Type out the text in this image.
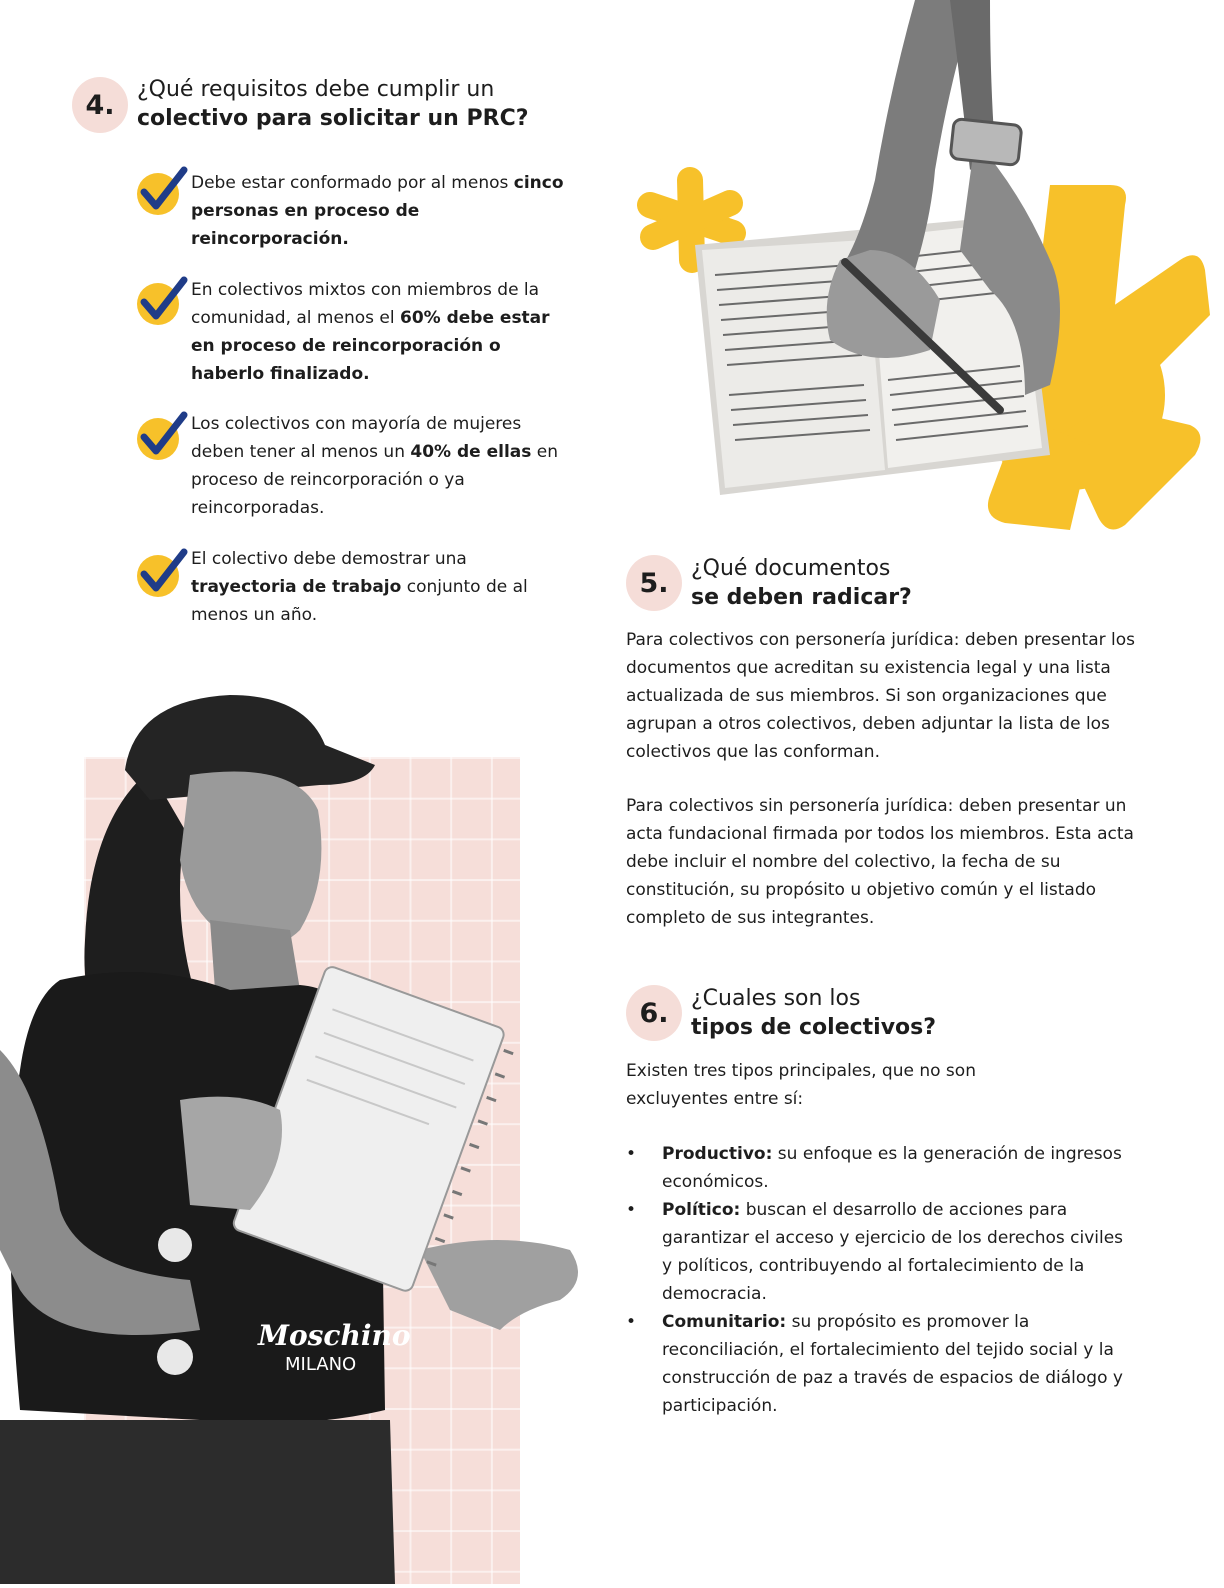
4. ¿Qué requisitos debe cumplir un
colectivo para solicitar un PRC?
Debe estar conformado por al menos cinco personas en proceso de reincorporación.
En colectivos mixtos con miembros de la comunidad, al menos el 60% debe estar en proceso de reincorporación o haberlo finalizado.
Los colectivos con mayoría de mujeres deben tener al menos un 40% de ellas en proceso de reincorporación o ya reincorporadas.
El colectivo debe demostrar una trayectoria de trabajo conjunto de al menos un año.
Moschino
MILANO
5. ¿Qué documentos
se deben radicar?
Para colectivos con personería jurídica: deben presentar los documentos que acreditan su existencia legal y una lista actualizada de sus miembros. Si son organizaciones que agrupan a otros colectivos, deben adjuntar la lista de los colectivos que las conforman.
Para colectivos sin personería jurídica: deben presentar un acta fundacional firmada por todos los miembros. Esta acta debe incluir el nombre del colectivo, la fecha de su constitución, su propósito u objetivo común y el listado completo de sus integrantes.
6. ¿Cuales son los
tipos de colectivos?
Existen tres tipos principales, que no son excluyentes entre sí:
• Productivo: su enfoque es la generación de ingresos económicos.
• Político: buscan el desarrollo de acciones para garantizar el acceso y ejercicio de los derechos civiles y políticos, contribuyendo al fortalecimiento de la democracia.
• Comunitario: su propósito es promover la reconciliación, el fortalecimiento del tejido social y la construcción de paz a través de espacios de diálogo y participación.
